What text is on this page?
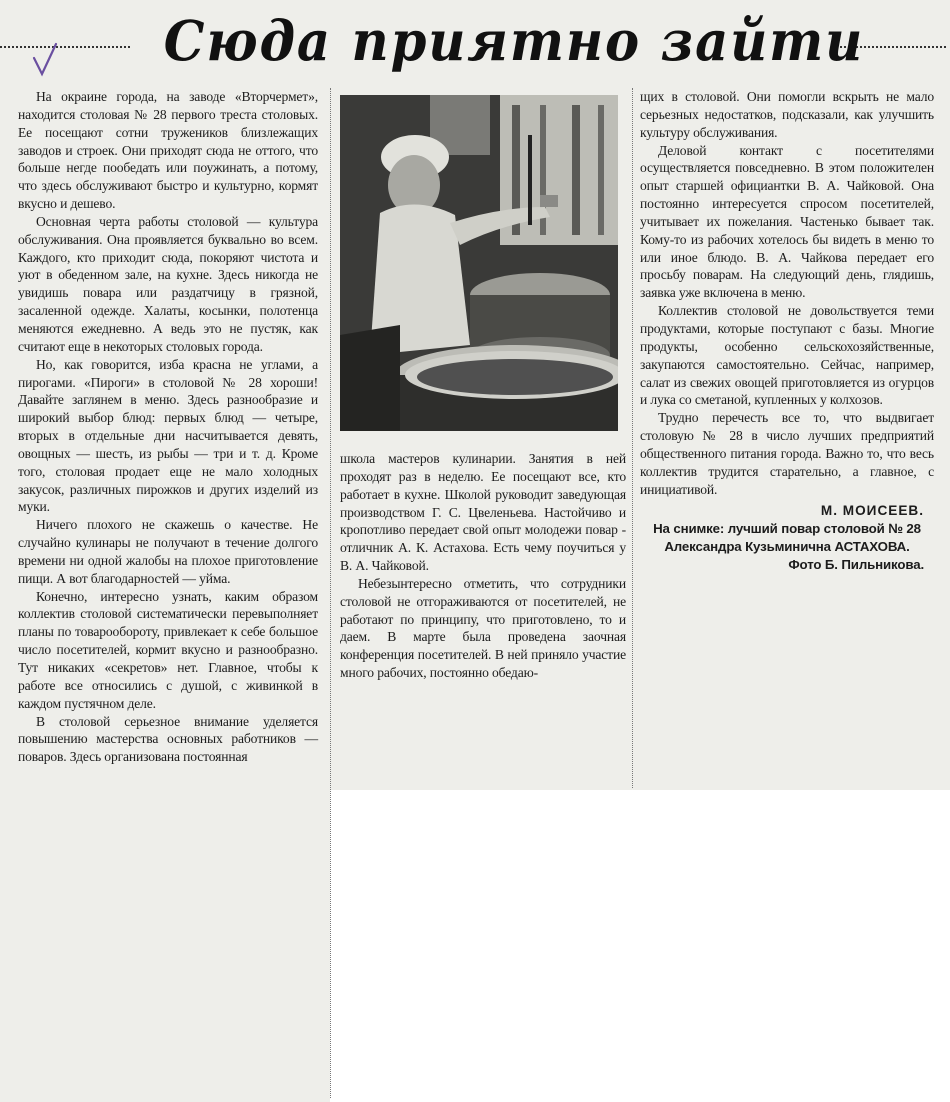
Сюда приятно зайти

На окраине города, на заводе «Вторчермет», находится столовая № 28 первого треста столовых. Ее посещают сотни тружеников близлежащих заводов и строек. Они приходят сюда не оттого, что больше негде пообедать или поужинать, а потому, что здесь обслуживают быстро и культурно, кормят вкусно и дешево.

Основная черта работы столовой — культура обслуживания. Она проявляется буквально во всем. Каждого, кто приходит сюда, покоряют чистота и уют в обеденном зале, на кухне. Здесь никогда не увидишь повара или раздатчицу в грязной, засаленной одежде. Халаты, косынки, полотенца меняются ежедневно. А ведь это не пустяк, как считают еще в некоторых столовых города.

Но, как говорится, изба красна не углами, а пирогами. «Пироги» в столовой № 28 хороши! Давайте заглянем в меню. Здесь разнообразие и широкий выбор блюд: первых блюд — четыре, вторых в отдельные дни насчитывается девять, овощных — шесть, из рыбы — три и т. д. Кроме того, столовая продает еще не мало холодных закусок, различных пирожков и других изделий из муки.

Ничего плохого не скажешь о качестве. Не случайно кулинары не получают в течение долгого времени ни одной жалобы на плохое приготовление пищи. А вот благодарностей — уйма.

Конечно, интересно узнать, каким образом коллектив столовой систематически перевыполняет планы по товарообороту, привлекает к себе большое число посетителей, кормит вкусно и разнообразно. Тут никаких «секретов» нет. Главное, чтобы к работе все относились с душой, с живинкой в каждом пустячном деле.

В столовой серьезное внимание уделяется повышению мастерства основных работников — поваров. Здесь организована постоянная

школа мастеров кулинарии. Занятия в ней проходят раз в неделю. Ее посещают все, кто работает в кухне. Школой руководит заведующая производством Г. С. Цвеленьева. Настойчиво и кропотливо передает свой опыт молодежи повар - отличник А. К. Астахова. Есть чему поучиться у В. А. Чайковой.

Небезынтересно отметить, что сотрудники столовой не отгораживаются от посетителей, не работают по принципу, что приготовлено, то и даем. В марте была проведена заочная конференция посетителей. В ней приняло участие много рабочих, постоянно обедаю-

щих в столовой. Они помогли вскрыть не мало серьезных недостатков, подсказали, как улучшить культуру обслуживания.

Деловой контакт с посетителями осуществляется повседневно. В этом положителен опыт старшей официантки В. А. Чайковой. Она постоянно интересуется спросом посетителей, учитывает их пожелания. Частенько бывает так. Кому-то из рабочих хотелось бы видеть в меню то или иное блюдо. В. А. Чайкова передает его просьбу поварам. На следующий день, глядишь, заявка уже включена в меню.

Коллектив столовой не довольствуется теми продуктами, которые поступают с базы. Многие продукты, особенно сельскохозяйственные, закупаются самостоятельно. Сейчас, например, салат из свежих овощей приготовляется из огурцов и лука со сметаной, купленных у колхозов.

Трудно перечесть все то, что выдвигает столовую № 28 в число лучших предприятий общественного питания города. Важно то, что весь коллектив трудится старательно, а главное, с инициативой.

М. МОИСЕЕВ.

На снимке: лучший повар столовой № 28 Александра Кузьминична АСТАХОВА.

Фото Б. Пильникова.
